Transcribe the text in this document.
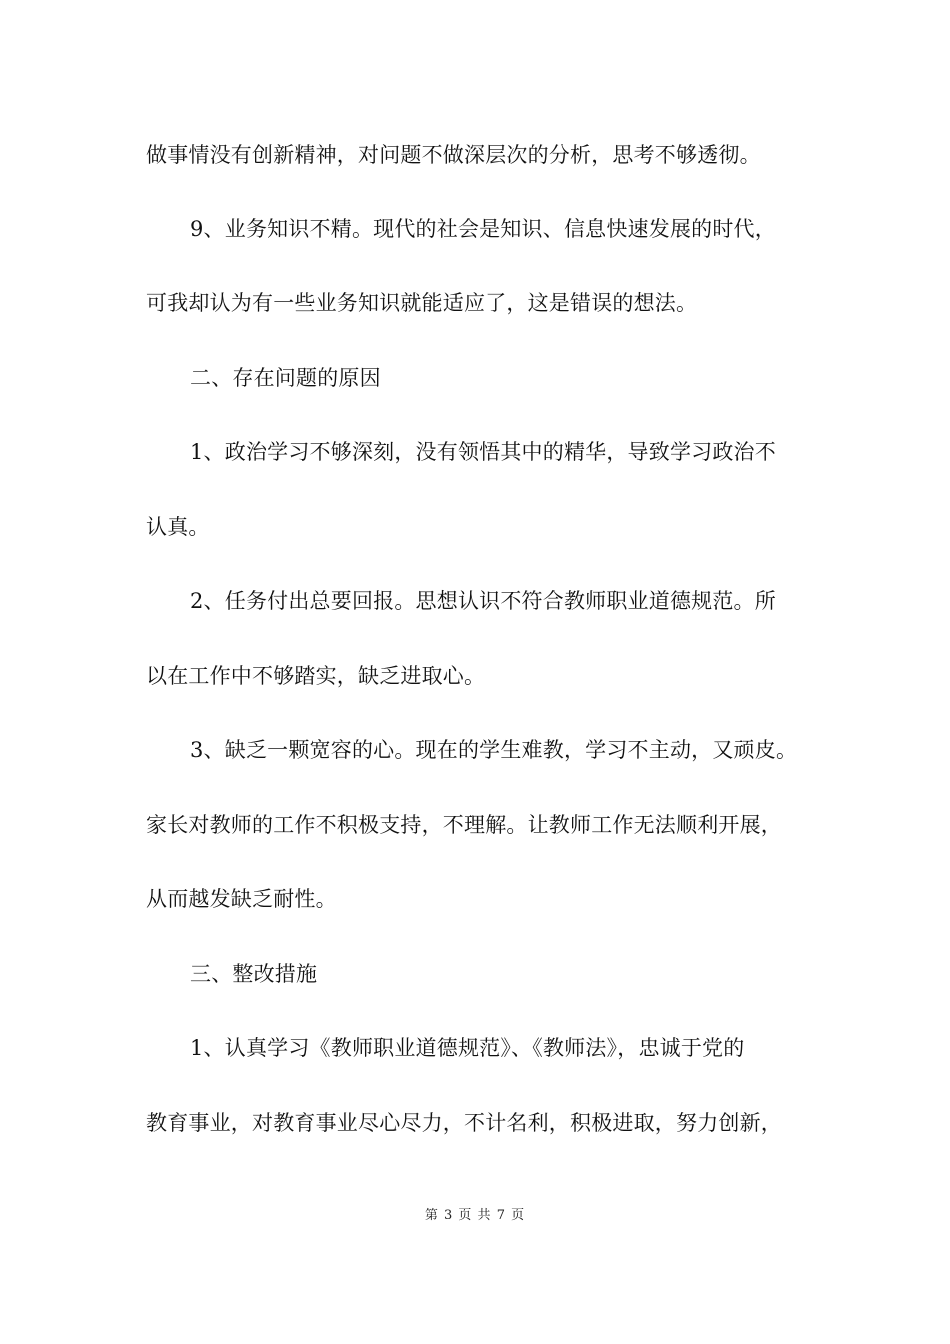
做事情没有创新精神，对问题不做深层次的分析，思考不够透彻。
9、业务知识不精。现代的社会是知识、信息快速发展的时代，
可我却认为有一些业务知识就能适应了，这是错误的想法。
二、存在问题的原因
1、政治学习不够深刻，没有领悟其中的精华，导致学习政治不
认真。
2、任务付出总要回报。思想认识不符合教师职业道德规范。所
以在工作中不够踏实，缺乏进取心。
3、缺乏一颗宽容的心。现在的学生难教，学习不主动，又顽皮。
家长对教师的工作不积极支持，不理解。让教师工作无法顺利开展，
从而越发缺乏耐性。
三、整改措施
1、认真学习《教师职业道德规范》、《教师法》，忠诚于党的
教育事业，对教育事业尽心尽力，不计名利，积极进取，努力创新，
第 3 页 共 7 页
